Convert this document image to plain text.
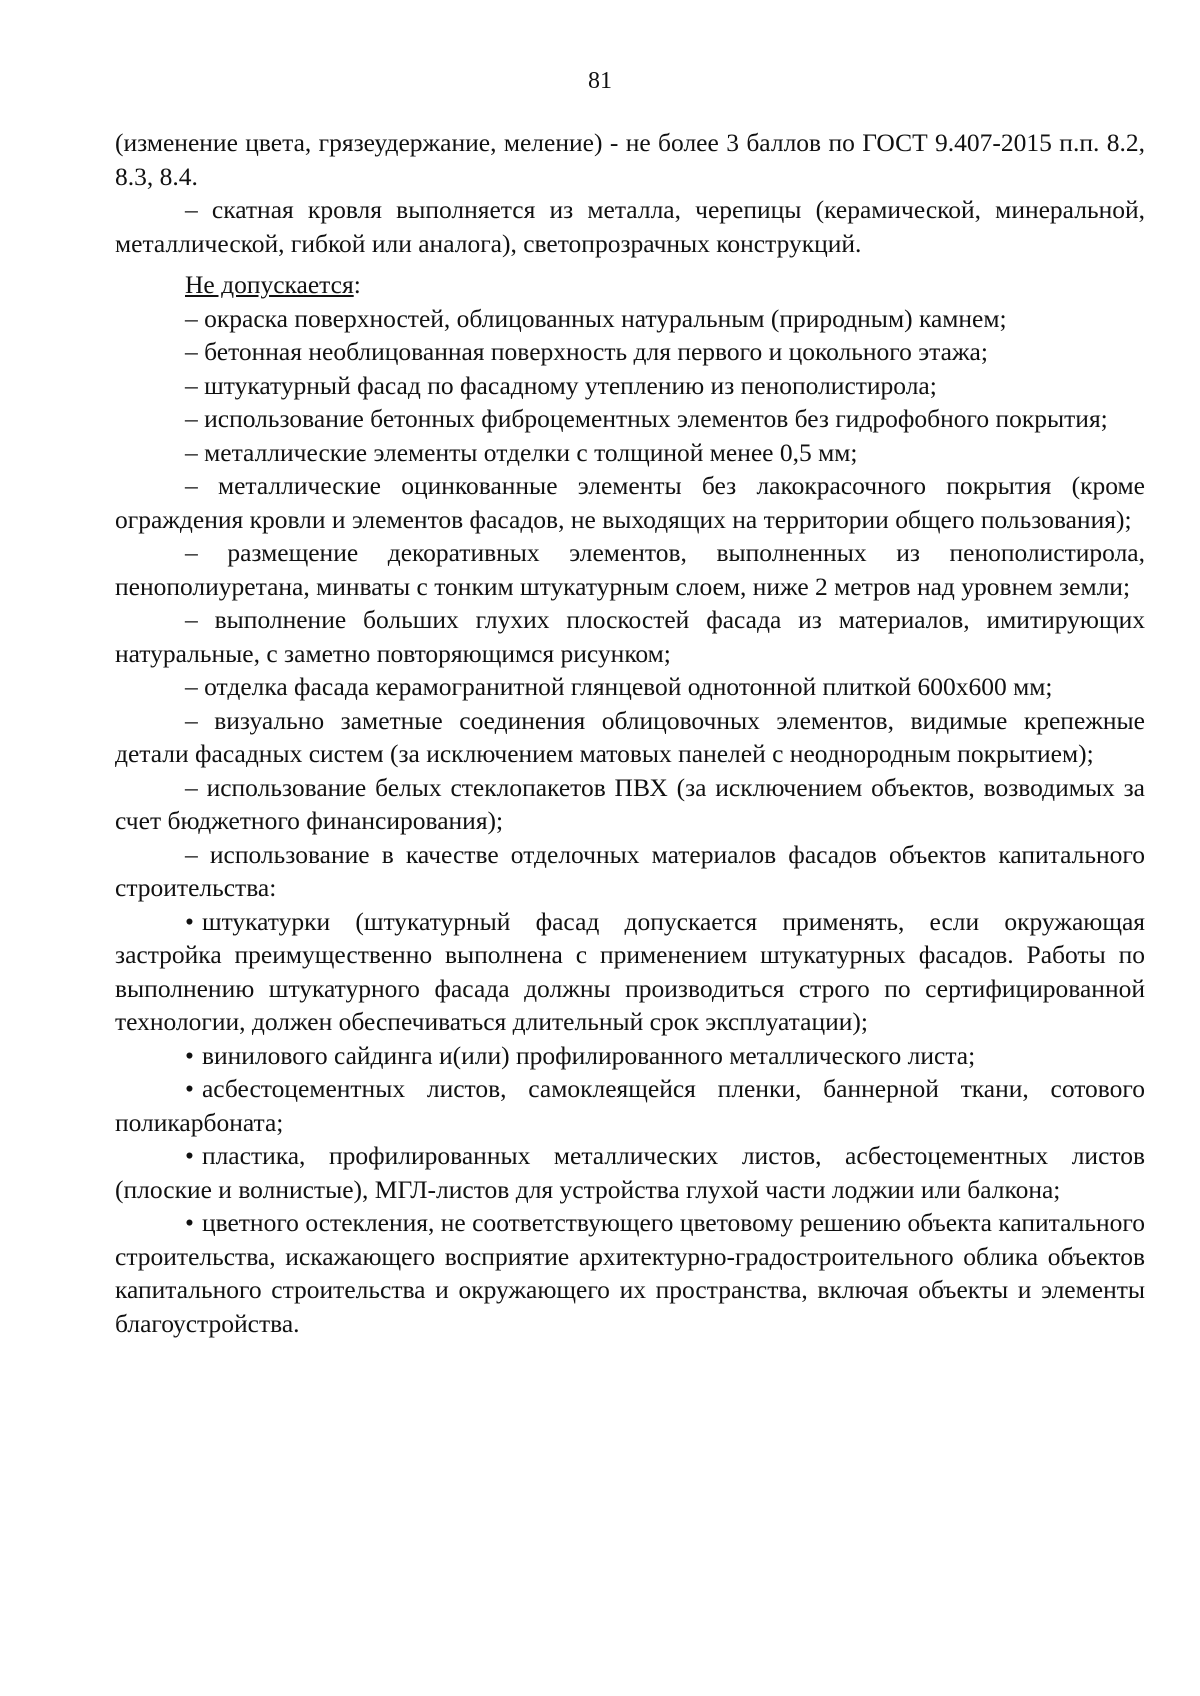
81

(изменение цвета, грязеудержание, меление) - не более 3 баллов по ГОСТ 9.407-2015 п.п. 8.2, 8.3, 8.4.

– скатная кровля выполняется из металла, черепицы (керамической, минеральной, металлической, гибкой или аналога), светопрозрачных конструкций.

Не допускается:

– окраска поверхностей, облицованных натуральным (природным) камнем;

– бетонная необлицованная поверхность для первого и цокольного этажа;

– штукатурный фасад по фасадному утеплению из пенополистирола;

– использование бетонных фиброцементных элементов без гидрофобного покрытия;

– металлические элементы отделки с толщиной менее 0,5 мм;

– металлические оцинкованные элементы без лакокрасочного покрытия (кроме ограждения кровли и элементов фасадов, не выходящих на территории общего пользования);

– размещение декоративных элементов, выполненных из пенополистирола, пенополиуретана, минваты с тонким штукатурным слоем, ниже 2 метров над уровнем земли;

– выполнение больших глухих плоскостей фасада из материалов, имитирующих натуральные, с заметно повторяющимся рисунком;

– отделка фасада керамогранитной глянцевой однотонной плиткой 600х600 мм;

– визуально заметные соединения облицовочных элементов, видимые крепежные детали фасадных систем (за исключением матовых панелей с неоднородным покрытием);

– использование белых стеклопакетов ПВХ (за исключением объектов, возводимых за счет бюджетного финансирования);

– использование в качестве отделочных материалов фасадов объектов капитального строительства:

• штукатурки (штукатурный фасад допускается применять, если окружающая застройка преимущественно выполнена с применением штукатурных фасадов. Работы по выполнению штукатурного фасада должны производиться строго по сертифицированной технологии, должен обеспечиваться длительный срок эксплуатации);

• винилового сайдинга и(или) профилированного металлического листа;

• асбестоцементных листов, самоклеящейся пленки, баннерной ткани, сотового поликарбоната;

• пластика, профилированных металлических листов, асбестоцементных листов (плоские и волнистые), МГЛ-листов для устройства глухой части лоджии или балкона;

• цветного остекления, не соответствующего цветовому решению объекта капитального строительства, искажающего восприятие архитектурно-градостроительного облика объектов капитального строительства и окружающего их пространства, включая объекты и элементы благоустройства.
